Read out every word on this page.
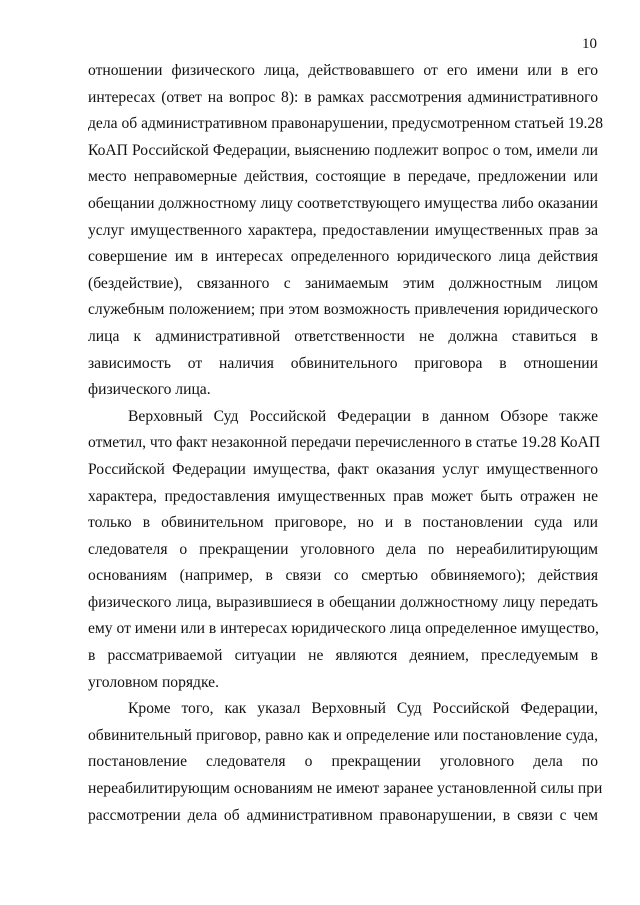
10
отношении физического лица, действовавшего от его имени или в его
интересах (ответ на вопрос 8): в рамках рассмотрения административного
дела об административном правонарушении, предусмотренном статьей 19.28
КоАП Российской Федерации, выяснению подлежит вопрос о том, имели ли
место неправомерные действия, состоящие в передаче, предложении или
обещании должностному лицу соответствующего имущества либо оказании
услуг имущественного характера, предоставлении имущественных прав за
совершение им в интересах определенного юридического лица действия
(бездействие), связанного с занимаемым этим должностным лицом
служебным положением; при этом возможность привлечения юридического
лица к административной ответственности не должна ставиться в
зависимость от наличия обвинительного приговора в отношении
физического лица.
Верховный Суд Российской Федерации в данном Обзоре также
отметил, что факт незаконной передачи перечисленного в статье 19.28 КоАП
Российской Федерации имущества, факт оказания услуг имущественного
характера, предоставления имущественных прав может быть отражен не
только в обвинительном приговоре, но и в постановлении суда или
следователя о прекращении уголовного дела по нереабилитирующим
основаниям (например, в связи со смертью обвиняемого); действия
физического лица, выразившиеся в обещании должностному лицу передать
ему от имени или в интересах юридического лица определенное имущество,
в рассматриваемой ситуации не являются деянием, преследуемым в
уголовном порядке.
Кроме того, как указал Верховный Суд Российской Федерации,
обвинительный приговор, равно как и определение или постановление суда,
постановление следователя о прекращении уголовного дела по
нереабилитирующим основаниям не имеют заранее установленной силы при
рассмотрении дела об административном правонарушении, в связи с чем
